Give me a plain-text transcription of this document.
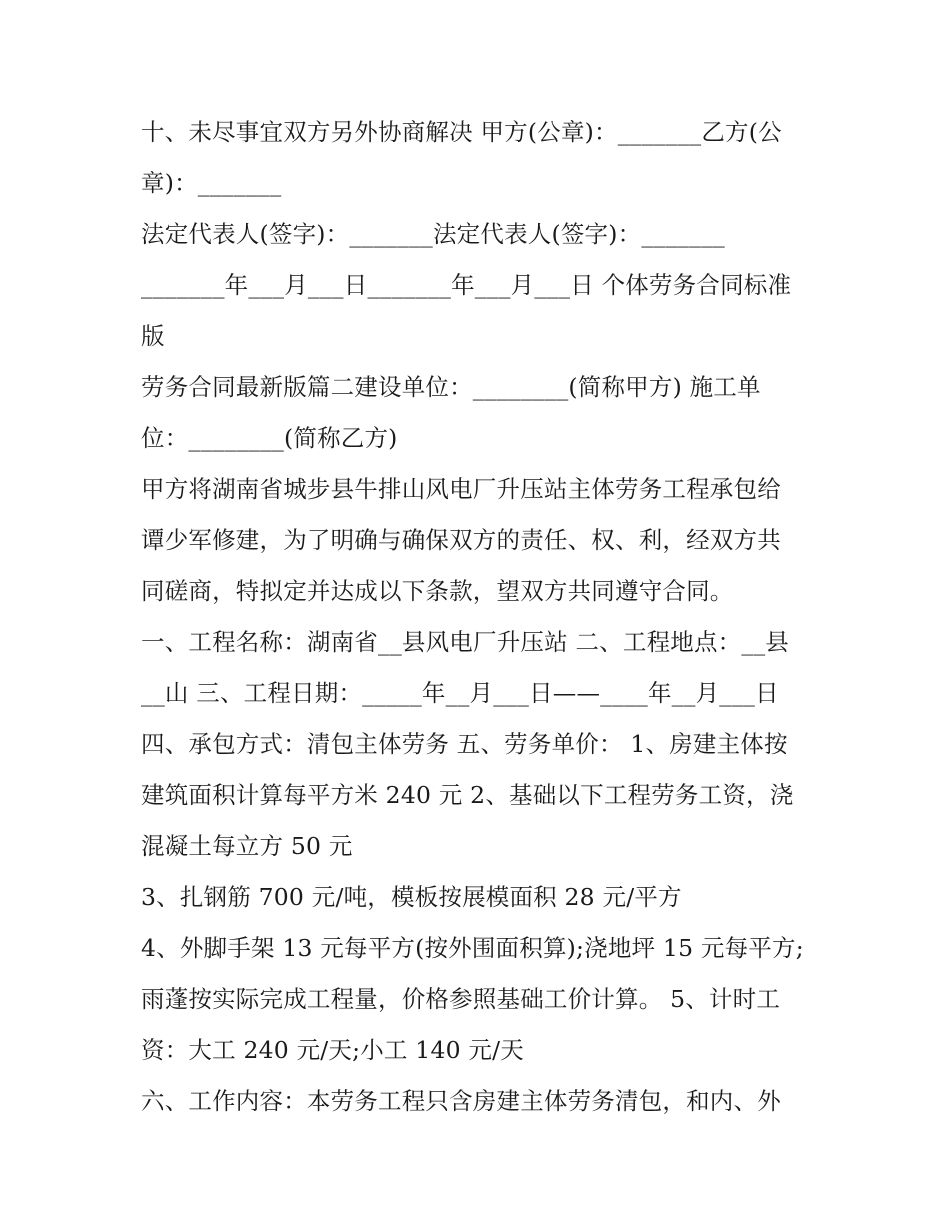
十、未尽事宜双方另外协商解决 甲方(公章)：_______乙方(公
章)：_______
法定代表人(签字)：_______法定代表人(签字)：_______
_______年___月___日_______年___月___日 个体劳务合同标准
版
劳务合同最新版篇二建设单位：________(简称甲方) 施工单
位：________(简称乙方)
甲方将湖南省城步县牛排山风电厂升压站主体劳务工程承包给
谭少军修建，为了明确与确保双方的责任、权、利，经双方共
同磋商，特拟定并达成以下条款，望双方共同遵守合同。
一、工程名称：湖南省__县风电厂升压站 二、工程地点：__县
__山 三、工程日期：_____年__月___日——____年__月___日
四、承包方式：清包主体劳务 五、劳务单价： 1、房建主体按
建筑面积计算每平方米 240 元 2、基础以下工程劳务工资，浇
混凝土每立方 50 元
3、扎钢筋 700 元/吨，模板按展模面积 28 元/平方
4、外脚手架 13 元每平方(按外围面积算);浇地坪 15 元每平方;
雨蓬按实际完成工程量，价格参照基础工价计算。 5、计时工
资：大工 240 元/天;小工 140 元/天
六、工作内容：本劳务工程只含房建主体劳务清包，和内、外
